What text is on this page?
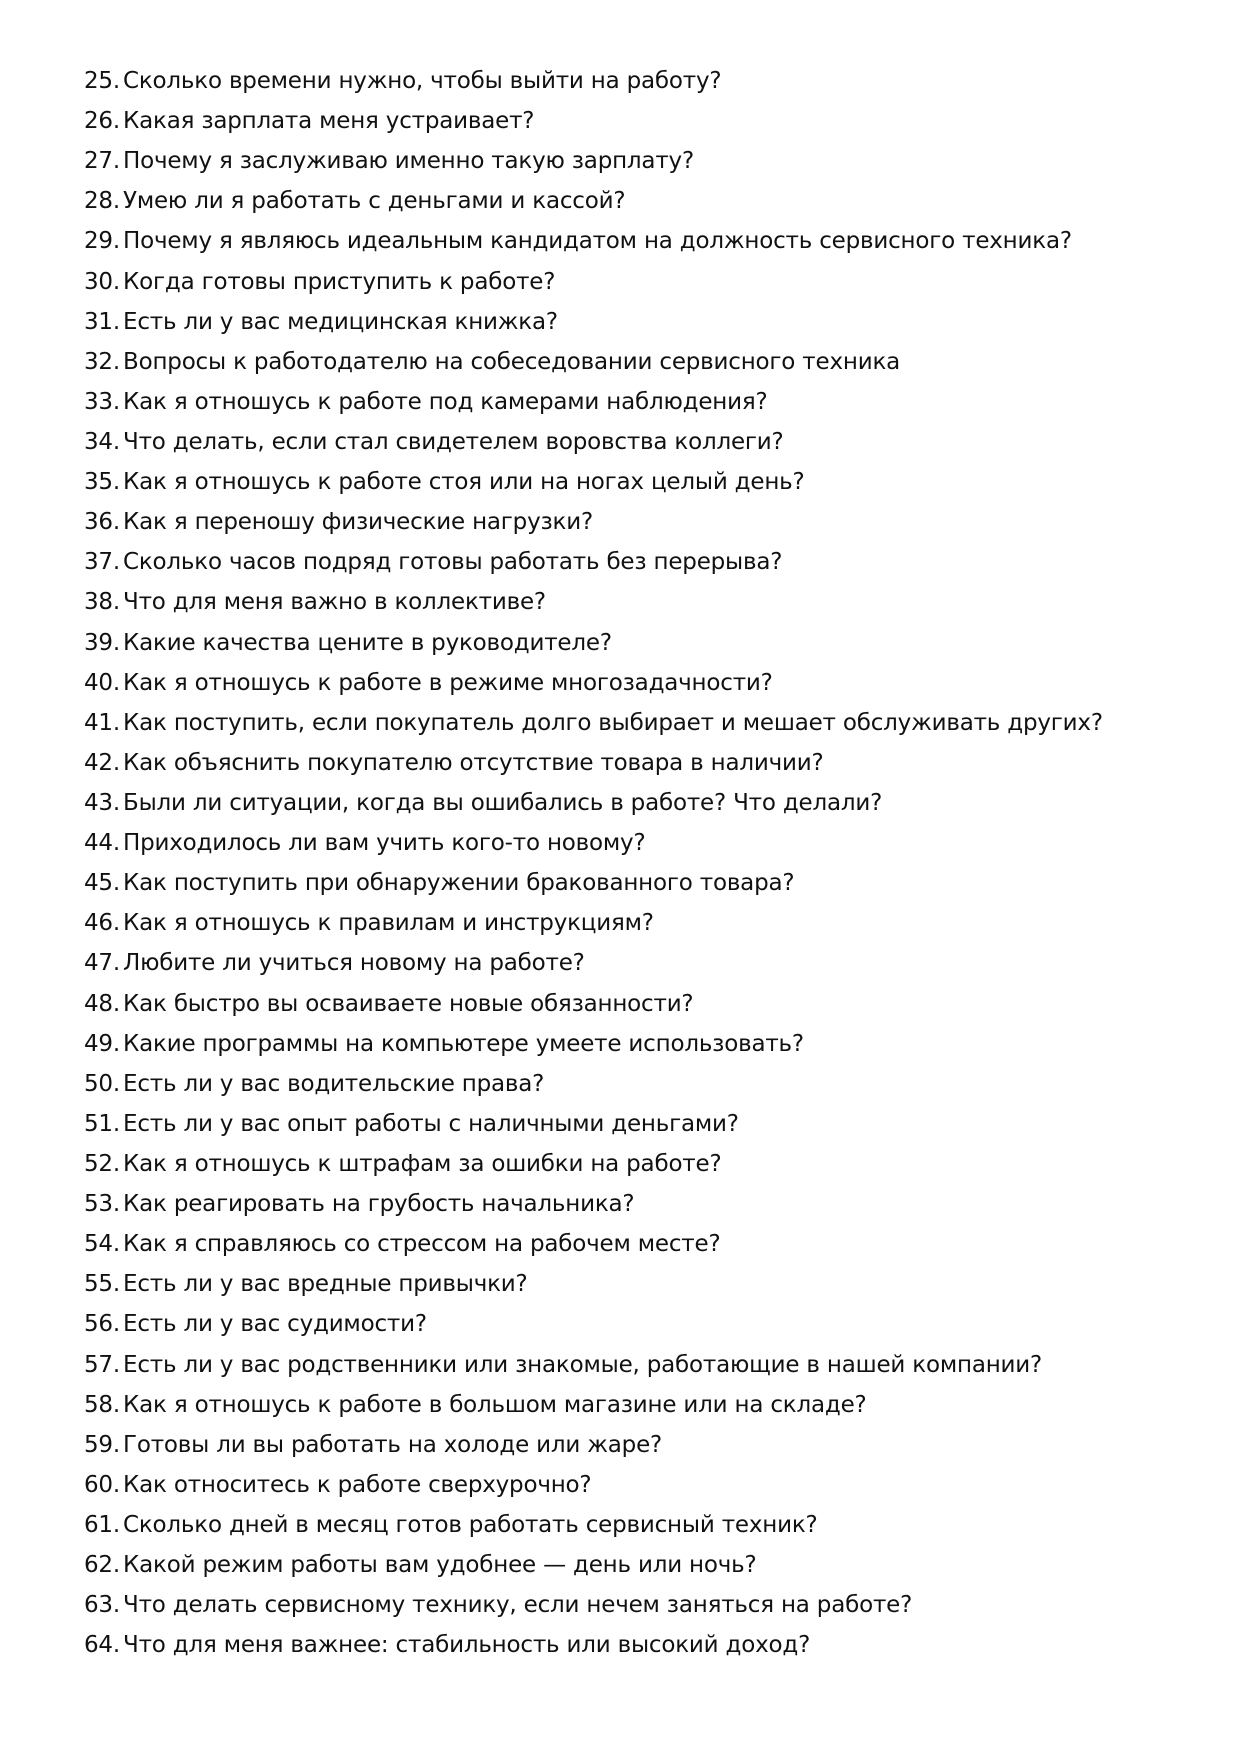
25. Сколько времени нужно, чтобы выйти на работу?
26. Какая зарплата меня устраивает?
27. Почему я заслуживаю именно такую зарплату?
28. Умею ли я работать с деньгами и кассой?
29. Почему я являюсь идеальным кандидатом на должность сервисного техника?
30. Когда готовы приступить к работе?
31. Есть ли у вас медицинская книжка?
32. Вопросы к работодателю на собеседовании сервисного техника
33. Как я отношусь к работе под камерами наблюдения?
34. Что делать, если стал свидетелем воровства коллеги?
35. Как я отношусь к работе стоя или на ногах целый день?
36. Как я переношу физические нагрузки?
37. Сколько часов подряд готовы работать без перерыва?
38. Что для меня важно в коллективе?
39. Какие качества цените в руководителе?
40. Как я отношусь к работе в режиме многозадачности?
41. Как поступить, если покупатель долго выбирает и мешает обслуживать других?
42. Как объяснить покупателю отсутствие товара в наличии?
43. Были ли ситуации, когда вы ошибались в работе? Что делали?
44. Приходилось ли вам учить кого-то новому?
45. Как поступить при обнаружении бракованного товара?
46. Как я отношусь к правилам и инструкциям?
47. Любите ли учиться новому на работе?
48. Как быстро вы осваиваете новые обязанности?
49. Какие программы на компьютере умеете использовать?
50. Есть ли у вас водительские права?
51. Есть ли у вас опыт работы с наличными деньгами?
52. Как я отношусь к штрафам за ошибки на работе?
53. Как реагировать на грубость начальника?
54. Как я справляюсь со стрессом на рабочем месте?
55. Есть ли у вас вредные привычки?
56. Есть ли у вас судимости?
57. Есть ли у вас родственники или знакомые, работающие в нашей компании?
58. Как я отношусь к работе в большом магазине или на складе?
59. Готовы ли вы работать на холоде или жаре?
60. Как относитесь к работе сверхурочно?
61. Сколько дней в месяц готов работать сервисный техник?
62. Какой режим работы вам удобнее — день или ночь?
63. Что делать сервисному технику, если нечем заняться на работе?
64. Что для меня важнее: стабильность или высокий доход?
